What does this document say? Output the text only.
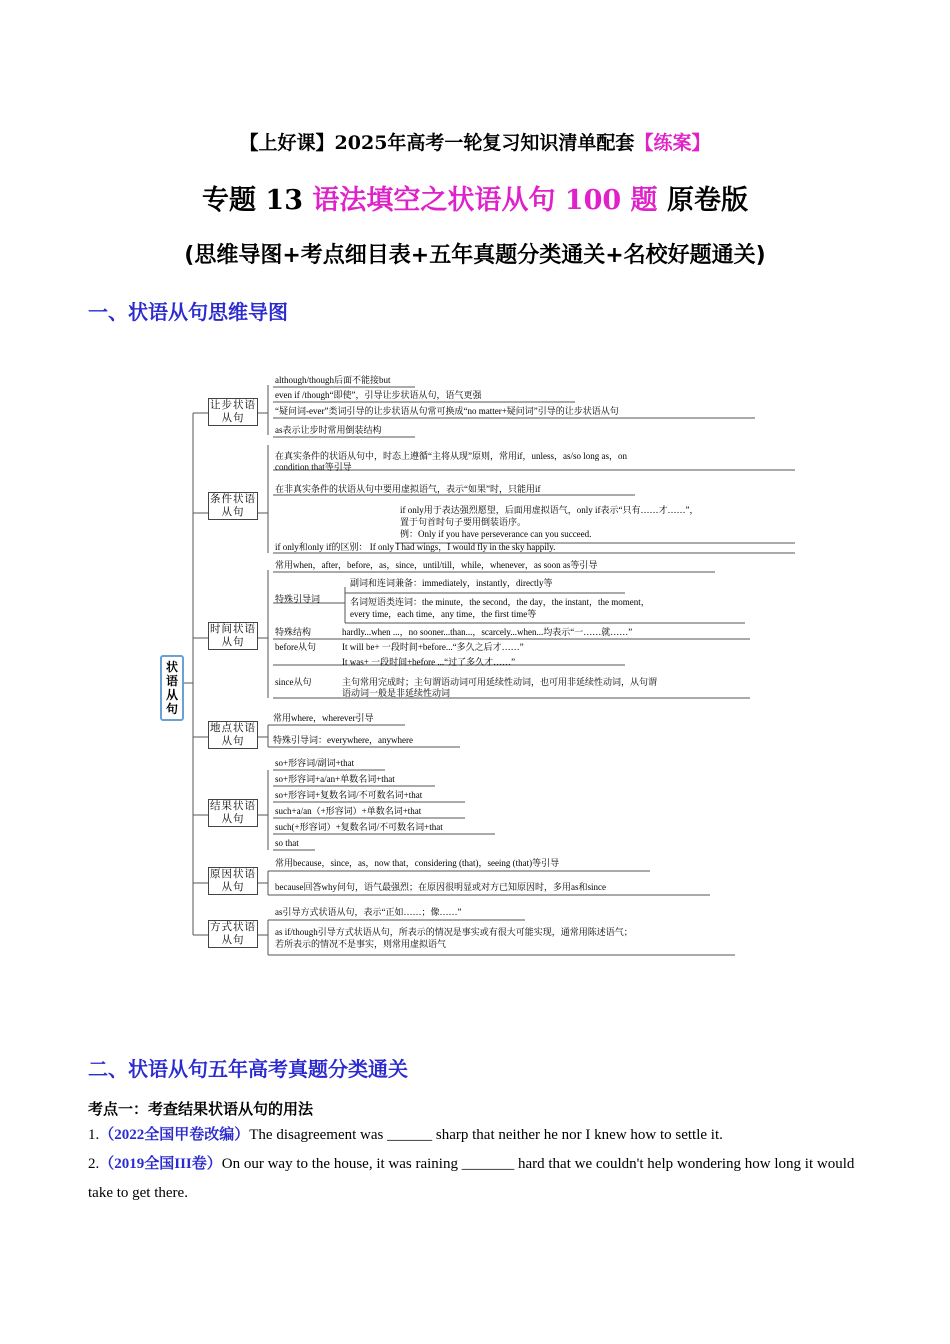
【上好课】2025年高考一轮复习知识清单配套【练案】
专题 13 语法填空之状语从句 100 题 原卷版
(思维导图+考点细目表+五年真题分类通关+名校好题通关)
一、状语从句思维导图
状语从句
让步状语从句
条件状语从句
时间状语从句
地点状语从句
结果状语从句
原因状语从句
方式状语从句
although/though后面不能接but
even if /though“即使”，引导让步状语从句，语气更强
“疑问词-ever”类词引导的让步状语从句常可换成“no matter+疑问词”引导的让步状语从句
as表示让步时常用倒装结构
在真实条件的状语从句中，时态上遵循“主将从现”原则，常用if，unless，as/so long as，on
condition that等引导
在非真实条件的状语从句中要用虚拟语气，表示“如果”时，只能用if
if only用于表达强烈愿望，后面用虚拟语气，only if表示“只有……才……”，
置于句首时句子要用倒装语序。
例：Only if you have perseverance can you succeed.
if only和only if的区别： If only I had wings，I would fly in the sky happily.
常用when，after，before，as，since，until/till，while，whenever，as soon as等引导
特殊引导词
副词和连词兼备：immediately，instantly，directly等
名词短语类连词：the minute，the second，the day，the instant，the moment，
every time，each time，any time，the first time等
特殊结构	hardly...when ...，no sooner...than...，scarcely...when...均表示“一……就……”
before从句	It will be+ 一段时间+before...“多久之后才……”
It was+ 一段时间+before ...“过了多久才……”
since从句	主句常用完成时；主句谓语动词可用延续性动词，也可用非延续性动词，从句谓
语动词一般是非延续性动词
常用where，wherever引导
特殊引导词：everywhere，anywhere
so+形容词/副词+that
so+形容词+a/an+单数名词+that
so+形容词+复数名词/不可数名词+that
such+a/an（+形容词）+单数名词+that
such(+形容词）+复数名词/不可数名词+that
so that
常用because，since，as，now that，considering (that)，seeing (that)等引导
because回答why问句，语气最强烈；在原因很明显或对方已知原因时，多用as和since
as引导方式状语从句，表示“正如……；像……”
as if/though引导方式状语从句，所表示的情况是事实或有很大可能实现，通常用陈述语气；
若所表示的情况不是事实，则常用虚拟语气
二、状语从句五年高考真题分类通关
考点一：考查结果状语从句的用法
1.（2022全国甲卷改编）The disagreement was ______ sharp that neither he nor I knew how to settle it.
2.（2019全国III卷）On our way to the house, it was raining _______ hard that we couldn't help wondering how long it would take to get there.
